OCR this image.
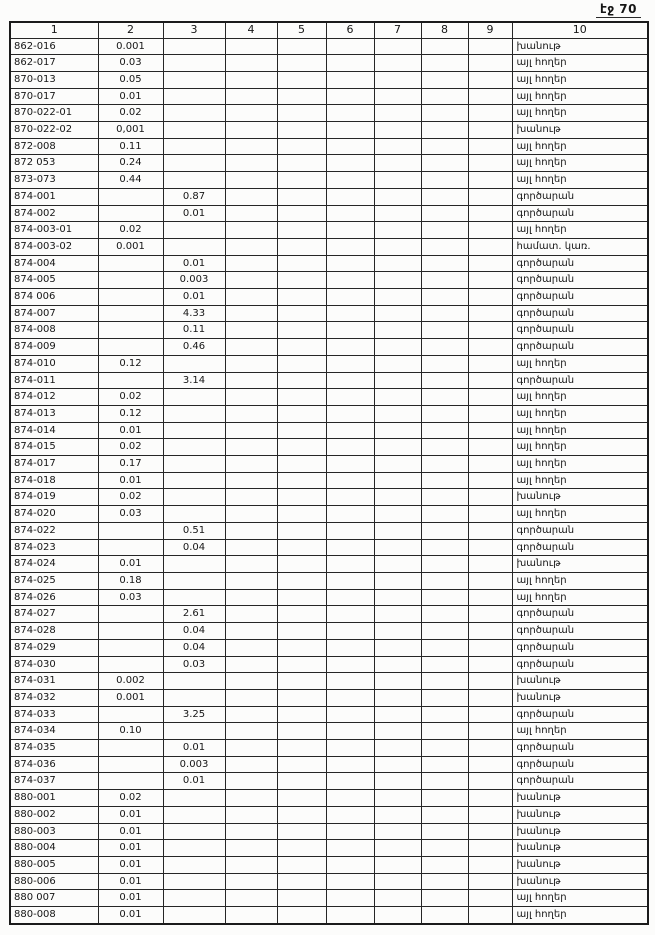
էջ 70
1	2	3	4	5	6	7	8	9	10
862-016	0.001								խանութ
862-017	0.03								այլ հողեր
870-013	0.05								այլ հողեր
870-017	0.01								այլ հողեր
870-022-01	0.02								այլ հողեր
870-022-02	0,001								խանութ
872-008	0.11								այլ հողեր
872 053	0.24								այլ հողեր
873-073	0.44								այլ հողեր
874-001		0.87							գործարան
874-002		0.01							գործարան
874-003-01	0.02								այլ հողեր
874-003-02	0.001								համատ. կառ.
874-004		0.01							գործարան
874-005		0.003							գործարան
874 006		0.01							գործարան
874-007		4.33							գործարան
874-008		0.11							գործարան
874-009		0.46							գործարան
874-010	0.12								այլ հողեր
874-011		3.14							գործարան
874-012	0.02								այլ հողեր
874-013	0.12								այլ հողեր
874-014	0.01								այլ հողեր
874-015	0.02								այլ հողեր
874-017	0.17								այլ հողեր
874-018	0.01								այլ հողեր
874-019	0.02								խանութ
874-020	0.03								այլ հողեր
874-022		0.51							գործարան
874-023		0.04							գործարան
874-024	0.01								խանութ
874-025	0.18								այլ հողեր
874-026	0.03								այլ հողեր
874-027		2.61							գործարան
874-028		0.04							գործարան
874-029		0.04							գործարան
874-030		0.03							գործարան
874-031	0.002								խանութ
874-032	0.001								խանութ
874-033		3.25							գործարան
874-034	0.10								այլ հողեր
874-035		0.01							գործարան
874-036		0.003							գործարան
874-037		0.01							գործարան
880-001	0.02								խանութ
880-002	0.01								խանութ
880-003	0.01								խանութ
880-004	0.01								խանութ
880-005	0.01								խանութ
880-006	0.01								խանութ
880 007	0.01								այլ հողեր
880-008	0.01								այլ հողեր
